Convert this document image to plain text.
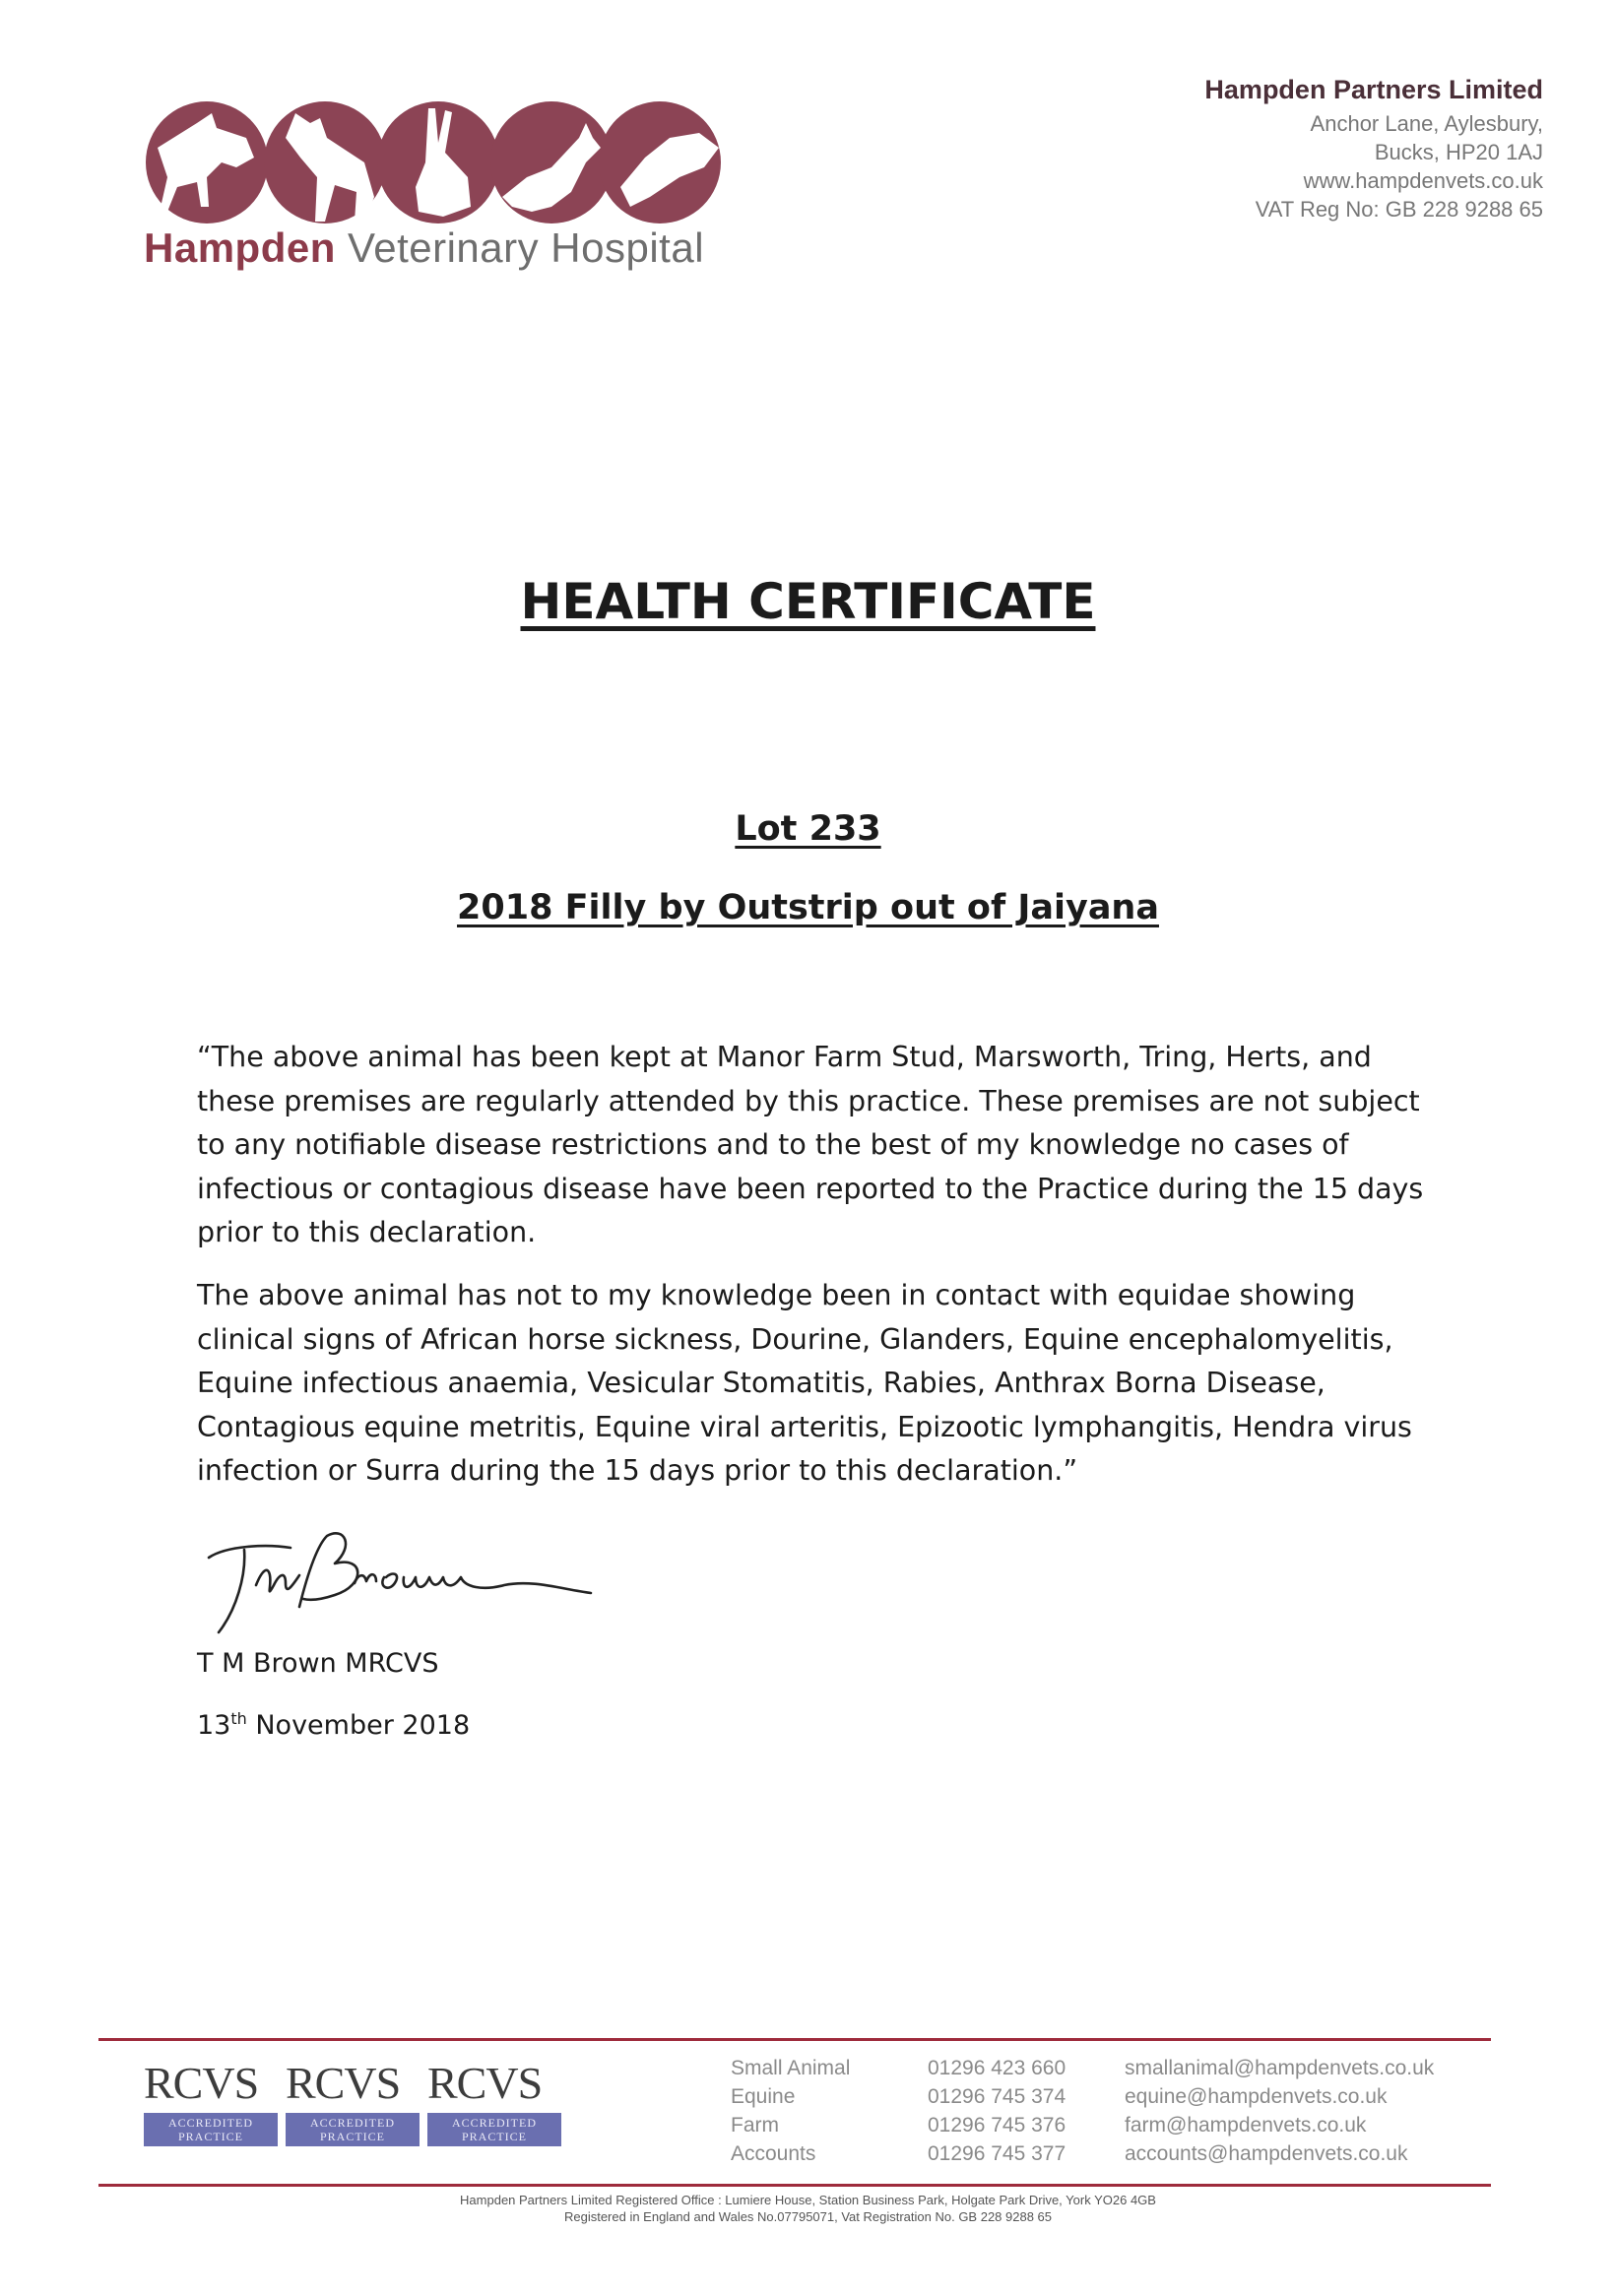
Hampden Veterinary Hospital
Hampden Partners Limited
Anchor Lane, Aylesbury,
Bucks, HP20 1AJ
www.hampdenvets.co.uk
VAT Reg No: GB 228 9288 65
HEALTH CERTIFICATE
Lot 233
2018 Filly by Outstrip out of Jaiyana
“The above animal has been kept at Manor Farm Stud, Marsworth, Tring, Herts, and these premises are regularly attended by this practice. These premises are not subject to any notifiable disease restrictions and to the best of my knowledge no cases of infectious or contagious disease have been reported to the Practice during the 15 days prior to this declaration.
The above animal has not to my knowledge been in contact with equidae showing clinical signs of African horse sickness, Dourine, Glanders, Equine encephalomyelitis, Equine infectious anaemia, Vesicular Stomatitis, Rabies, Anthrax Borna Disease, Contagious equine metritis, Equine viral arteritis, Epizootic lymphangitis, Hendra virus infection or Surra during the 15 days prior to this declaration.”
T M Brown MRCVS
13th November 2018
RCVS
ACCREDITED
PRACTICE
RCVS
ACCREDITED
PRACTICE
RCVS
ACCREDITED
PRACTICE
Small Animal	01296 423 660	smallanimal@hampdenvets.co.uk
Equine	01296 745 374	equine@hampdenvets.co.uk
Farm	01296 745 376	farm@hampdenvets.co.uk
Accounts	01296 745 377	accounts@hampdenvets.co.uk
Hampden Partners Limited Registered Office : Lumiere House, Station Business Park, Holgate Park Drive, York YO26 4GB
Registered in England and Wales No.07795071, Vat Registration No. GB 228 9288 65
